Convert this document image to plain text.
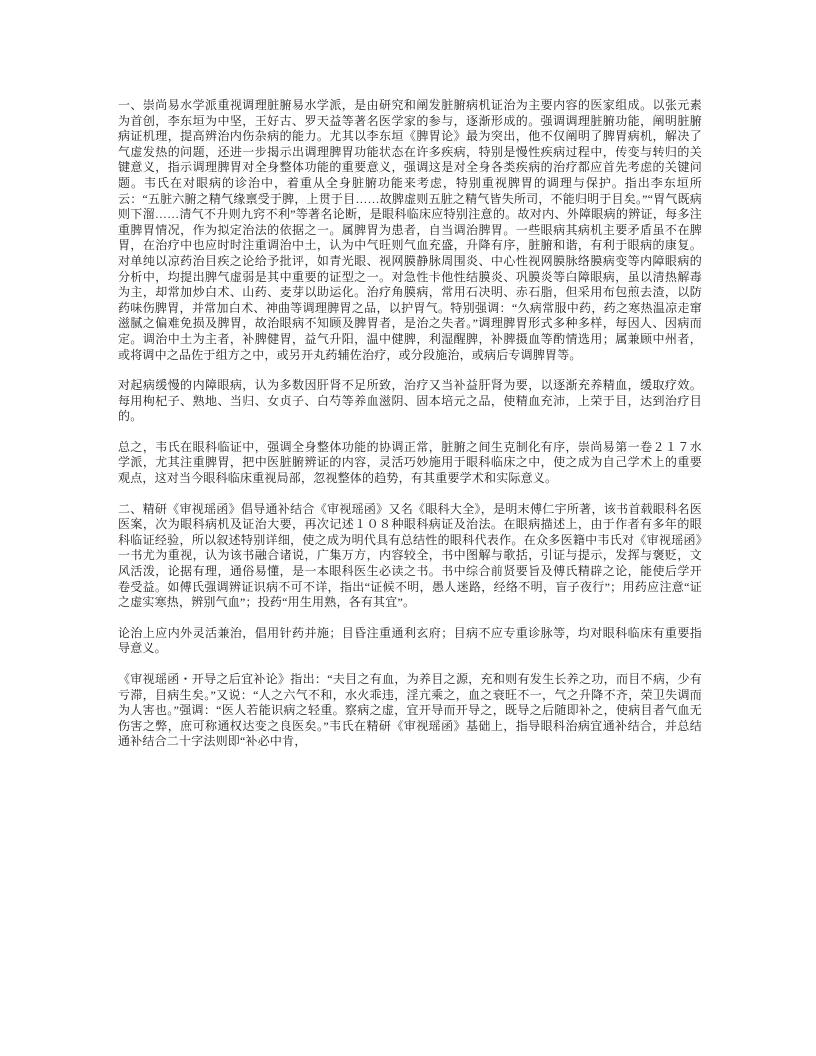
一、崇尚易水学派重视调理脏腑易水学派，是由研究和阐发脏腑病机证治为主要内容的医家组成。以张元素为首创，李东垣为中坚，王好古、罗天益等著名医学家的参与，逐渐形成的。强调调理脏腑功能，阐明脏腑病证机理，提高辨治内伤杂病的能力。尤其以李东垣《脾胃论》最为突出，他不仅阐明了脾胃病机，解决了气虚发热的问题，还进一步揭示出调理脾胃功能状态在许多疾病，特别是慢性疾病过程中，传变与转归的关键意义，指示调理脾胃对全身整体功能的重要意义，强调这是对全身各类疾病的治疗都应首先考虑的关键问题。韦氏在对眼病的诊治中，着重从全身脏腑功能来考虑，特别重视脾胃的调理与保护。指出李东垣所云：“五脏六腑之精气缘禀受于脾，上贯于目……故脾虚则五脏之精气皆失所司，不能归明于目矣。”“胃气既病则下溜……清气不升则九窍不利”等著名论断，是眼科临床应特别注意的。故对内、外障眼病的辨证，每多注重脾胃情况，作为拟定治法的依据之一。属脾胃为患者，自当调治脾胃。一些眼病其病机主要矛盾虽不在脾胃，在治疗中也应时时注重调治中土，认为中气旺则气血充盛，升降有序，脏腑和谐，有利于眼病的康复。对单纯以凉药治目疾之论给予批评，如青光眼、视网膜静脉周围炎、中心性视网膜脉络膜病变等内障眼病的分析中，均提出脾气虚弱是其中重要的证型之一。对急性卡他性结膜炎、巩膜炎等白障眼病，虽以清热解毒为主，却常加炒白术、山药、麦芽以助运化。治疗角膜病，常用石决明、赤石脂，但采用布包煎去渣，以防药味伤脾胃，并常加白术、神曲等调理脾胃之品，以护胃气。特别强调：“久病常服中药，药之寒热温凉走窜滋腻之偏难免损及脾胃，故治眼病不知顾及脾胃者，是治之失者。”调理脾胃形式多种多样，每因人、因病而定。调治中土为主者，补脾健胃，益气升阳，温中健脾，利湿醒脾，补脾摄血等酌情选用；属兼顾中州者，或将调中之品佐于组方之中，或另开丸药辅佐治疗，或分段施治，或病后专调脾胃等。

对起病缓慢的内障眼病，认为多数因肝肾不足所致，治疗又当补益肝肾为要，以逐渐充养精血，缓取疗效。每用枸杞子、熟地、当归、女贞子、白芍等养血滋阴、固本培元之品，使精血充沛，上荣于目，达到治疗目的。

总之，韦氏在眼科临证中，强调全身整体功能的协调正常，脏腑之间生克制化有序，崇尚易第一卷２１７水学派，尤其注重脾胃，把中医脏腑辨证的内容，灵活巧妙施用于眼科临床之中，使之成为自己学术上的重要观点，这对当今眼科临床重视局部，忽视整体的趋势，有其重要学术和实际意义。

二、精研《审视瑶函》倡导通补结合《审视瑶函》又名《眼科大全》，是明末傅仁宇所著，该书首载眼科名医医案，次为眼科病机及证治大要，再次记述１０８种眼科病证及治法。在眼病描述上，由于作者有多年的眼科临证经验，所以叙述特别详细，使之成为明代具有总结性的眼科代表作。在众多医籍中韦氏对《审视瑶函》一书尤为重视，认为该书融合诸说，广集万方，内容较全，书中图解与歌括，引证与提示，发挥与褒贬，文风活泼，论据有理，通俗易懂，是一本眼科医生必读之书。书中综合前贤要旨及傅氏精辟之论，能使后学开卷受益。如傅氏强调辨证识病不可不详，指出“证候不明，愚人迷路，经络不明，盲子夜行”；用药应注意“证之虚实寒热，辨别气血”；投药“用生用熟，各有其宜”。

论治上应内外灵活兼治，倡用针药并施；目昏注重通利玄府；目病不应专重诊脉等，均对眼科临床有重要指导意义。

《审视瑶函・开导之后宜补论》指出：“夫目之有血，为养目之源，充和则有发生长养之功，而目不病，少有亏滞，目病生矣。”又说：“人之六气不和，水火乖违，淫亢乘之，血之衰旺不一，气之升降不齐，荣卫失调而为人害也。”强调：“医人若能识病之轻重。察病之虚，宜开导而开导之，既导之后随即补之，使病目者气血无伤害之弊，庶可称通权达变之良医矣。”韦氏在精研《审视瑶函》基础上，指导眼科治病宜通补结合，并总结通补结合二十字法则即“补必中肯，
